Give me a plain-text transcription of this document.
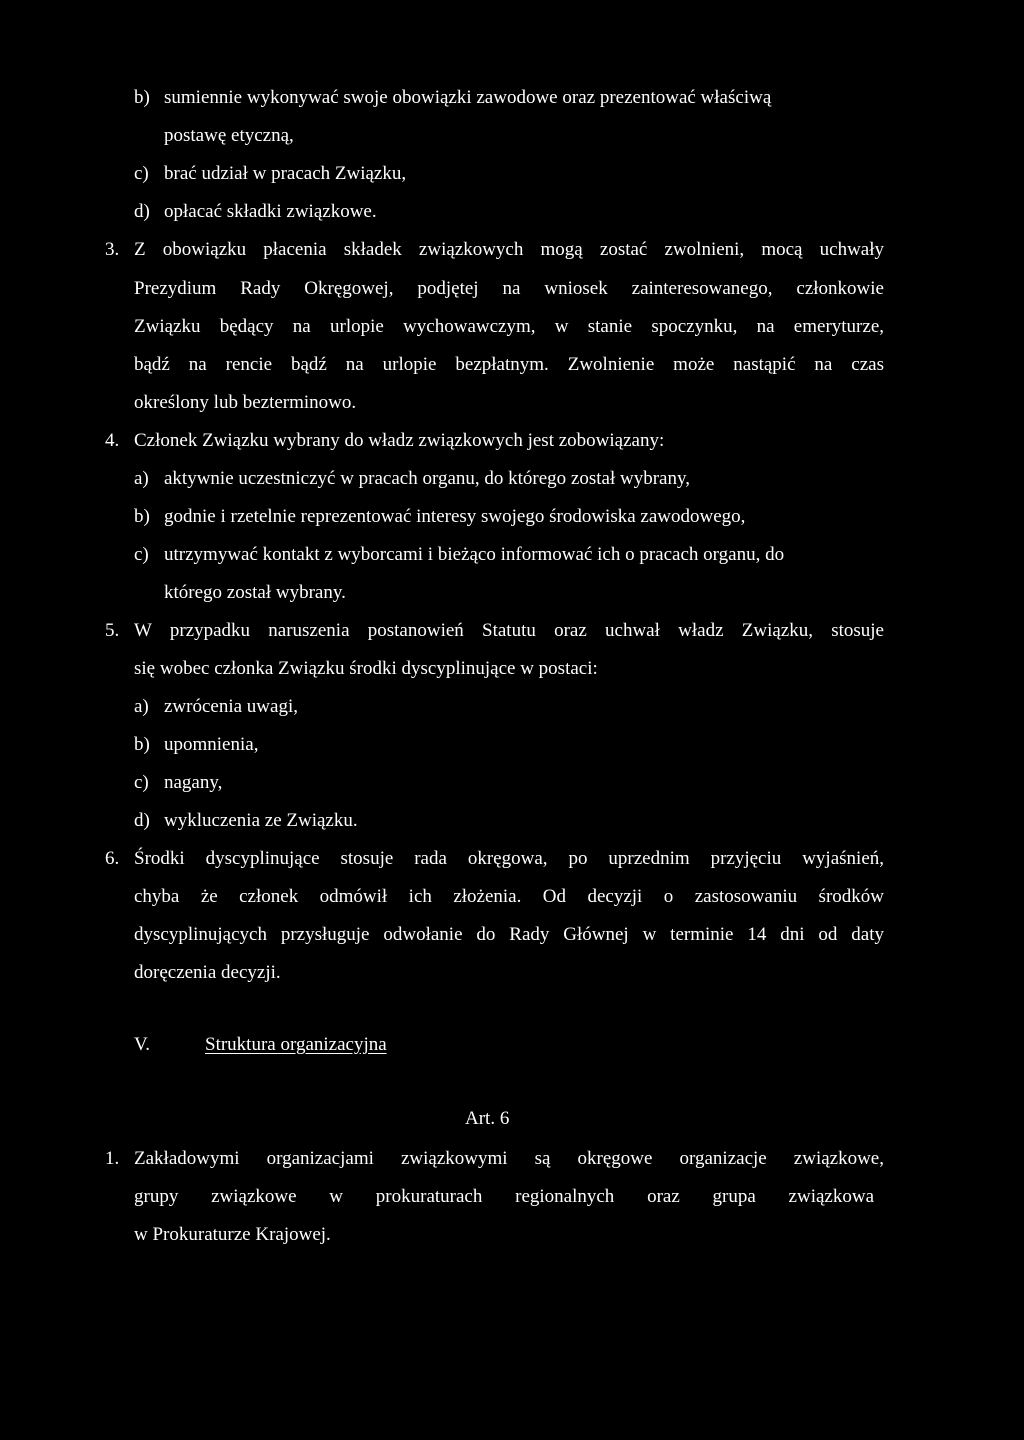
b) sumiennie wykonywać swoje obowiązki zawodowe oraz prezentować właściwą
postawę etyczną,
c) brać udział w pracach Związku,
d) opłacać składki związkowe.
3. Z obowiązku płacenia składek związkowych mogą zostać zwolnieni, mocą uchwały
Prezydium Rady Okręgowej, podjętej na wniosek zainteresowanego, członkowie
Związku będący na urlopie wychowawczym, w stanie spoczynku, na emeryturze,
bądź na rencie bądź na urlopie bezpłatnym. Zwolnienie może nastąpić na czas
określony lub bezterminowo.
4. Członek Związku wybrany do władz związkowych jest zobowiązany:
a) aktywnie uczestniczyć w pracach organu, do którego został wybrany,
b) godnie i rzetelnie reprezentować interesy swojego środowiska zawodowego,
c) utrzymywać kontakt z wyborcami i bieżąco informować ich o pracach organu, do
którego został wybrany.
5. W przypadku naruszenia postanowień Statutu oraz uchwał władz Związku, stosuje
się wobec członka Związku środki dyscyplinujące w postaci:
a) zwrócenia uwagi,
b) upomnienia,
c) nagany,
d) wykluczenia ze Związku.
6. Środki dyscyplinujące stosuje rada okręgowa, po uprzednim przyjęciu wyjaśnień,
chyba że członek odmówił ich złożenia. Od decyzji o zastosowaniu środków
dyscyplinujących przysługuje odwołanie do Rady Głównej w terminie 14 dni od daty
doręczenia decyzji.
V.	Struktura organizacyjna
Art. 6
1. Zakładowymi organizacjami związkowymi są okręgowe organizacje związkowe,
grupy związkowe w prokuraturach regionalnych oraz grupa związkowa
w Prokuraturze Krajowej.
